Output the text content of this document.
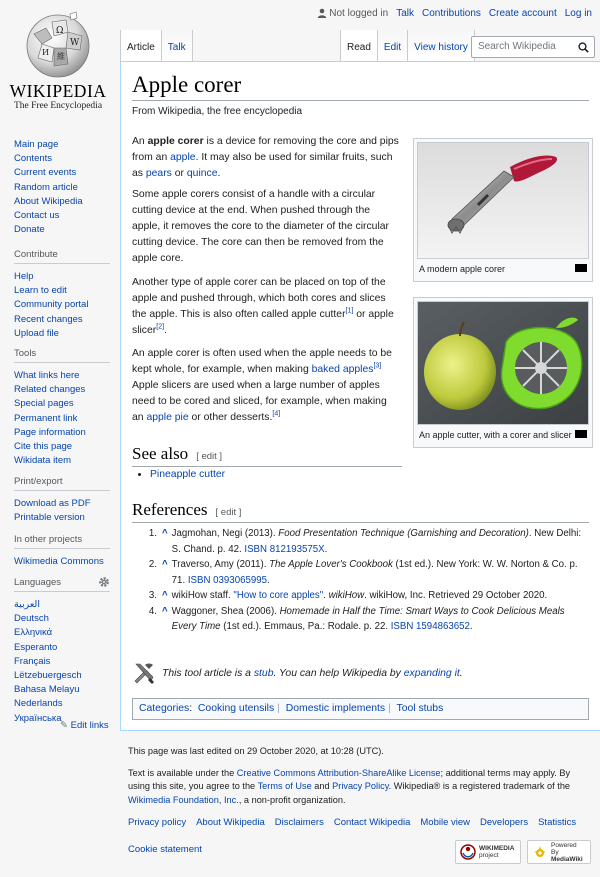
Ω
W
И 維
WIKIPEDIA
The Free Encyclopedia
Not logged in Talk Contributions Create account Log in
Article	Talk	Read	Edit	View history	Search Wikipedia
Apple corer
From Wikipedia, the free encyclopedia

An apple corer is a device for removing the core and pips from an apple. It may also be used for similar fruits, such as pears or quince.

Some apple corers consist of a handle with a circular cutting device at the end. When pushed through the apple, it removes the core to the diameter of the circular cutting device. The core can then be removed from the apple core.

Another type of apple corer can be placed on top of the apple and pushed through, which both cores and slices the apple. This is also often called apple cutter[1] or apple slicer[2].

An apple corer is often used when the apple needs to be kept whole, for example, when making baked apples[3] Apple slicers are used when a large number of apples need to be cored and sliced, for example, when making an apple pie or other desserts.[4]

A modern apple corer
An apple cutter, with a corer and slicer
See also [ edit ]
• Pineapple cutter
References [ edit ]
1. ^ Jagmohan, Negi (2013). Food Presentation Technique (Garnishing and Decoration). New Delhi: S. Chand. p. 42. ISBN 812193575X.
2. ^ Traverso, Amy (2011). The Apple Lover's Cookbook (1st ed.). New York: W. W. Norton & Co. p. 71. ISBN 0393065995.
3. ^ wikiHow staff. "How to core apples". wikiHow. wikiHow, Inc. Retrieved 29 October 2020.
4. ^ Waggoner, Shea (2006). Homemade in Half the Time: Smart Ways to Cook Delicious Meals Every Time (1st ed.). Emmaus, Pa.: Rodale. p. 22. ISBN 1594863652.
This tool article is a stub. You can help Wikipedia by expanding it.
Categories:  Cooking utensils | Domestic implements | Tool stubs
Main page
Contents
Current events
Random article
About Wikipedia
Contact us
Donate
Contribute
Help
Learn to edit
Community portal
Recent changes
Upload file
Tools
What links here
Related changes
Special pages
Permanent link
Page information
Cite this page
Wikidata item
Print/export
Download as PDF
Printable version
In other projects
Wikimedia Commons
Languages
العربية
Deutsch
Ελληνικά
Esperanto
Français
Lëtzebuergesch
Bahasa Melayu
Nederlands
Українська
✎ Edit links

This page was last edited on 29 October 2020, at 10:28 (UTC).

Text is available under the Creative Commons Attribution-ShareAlike License; additional terms may apply. By using this site, you agree to the Terms of Use and Privacy Policy. Wikipedia® is a registered trademark of the Wikimedia Foundation, Inc., a non-profit organization.

Privacy policy About Wikipedia Disclaimers Contact Wikipedia Mobile view Developers Statistics
Cookie statement	WIKIMEDIA
project
Powered By
MediaWiki
